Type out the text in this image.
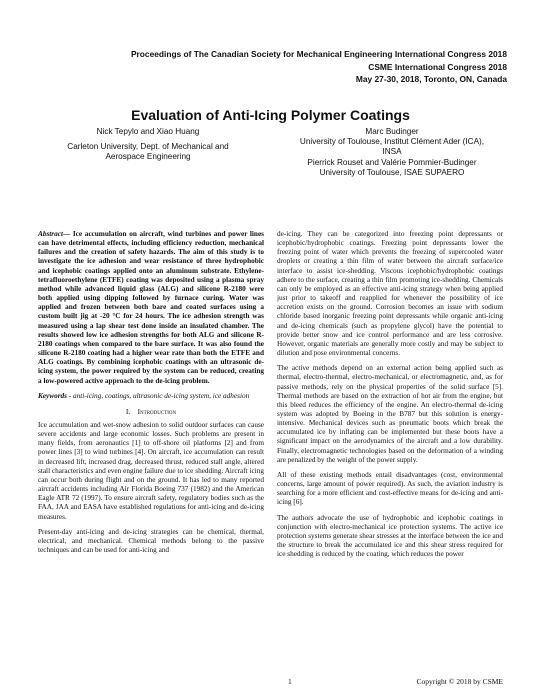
Proceedings of The Canadian Society for Mechanical Engineering International Congress 2018
CSME International Congress 2018
May 27-30, 2018, Toronto, ON, Canada
Evaluation of Anti-Icing Polymer Coatings
Nick Tepylo and Xiao Huang
Carleton University, Dept. of Mechanical and
Aerospace Engineering
Marc Budinger
University of Toulouse, Institut Clément Ader (ICA),
INSA
Pierrick Rouset and Valérie Pommier-Budinger
University of Toulouse, ISAE SUPAERO

Abstract— Ice accumulation on aircraft, wind turbines and power lines can have detrimental effects, including efficiency reduction, mechanical failures and the creation of safety hazards. The aim of this study is to investigate the ice adhesion and wear resistance of three hydrophobic and icephobic coatings applied onto an aluminum substrate. Ethylene-tetrafluoroethylene (ETFE) coating was deposited using a plasma spray method while advanced liquid glass (ALG) and silicone R-2180 were both applied using dipping followed by furnace curing. Water was applied and frozen between both bare and coated surfaces using a custom built jig at -20 °C for 24 hours. The ice adhesion strength was measured using a lap shear test done inside an insulated chamber. The results showed low ice adhesion strengths for both ALG and silicone R-2180 coatings when compared to the bare surface. It was also found the silicone R-2180 coating had a higher wear rate than both the ETFE and ALG coatings. By combining icephobic coatings with an ultrasonic de-icing system, the power required by the system can be reduced, creating a low-powered active approach to the de-icing problem.

Keywords - anti-icing, coatings, ultrasonic de-icing system, ice adhesion

I. Introduction

Ice accumulation and wet-snow adhesion to solid outdoor surfaces can cause severe accidents and large economic losses. Such problems are present in many fields, from aeronautics [1] to off-shore oil platforms [2] and from power lines [3] to wind turbines [4]. On aircraft, ice accumulation can result in decreased lift, increased drag, decreased thrust, reduced stall angle, altered stall characteristics and even engine failure due to ice shedding. Aircraft icing can occur both during flight and on the ground. It has led to many reported aircraft accidents including Air Florida Boeing 737 (1982) and the American Eagle ATR 72 (1997). To ensure aircraft safety, regulatory bodies such as the FAA, JAA and EASA have established regulations for anti-icing and de-icing measures.

Present-day anti-icing and de-icing strategies can be chemical, thermal, electrical, and mechanical. Chemical methods belong to the passive techniques and can be used for anti-icing and

de-icing. They can be categorized into freezing point depressants or icephobic/hydrophobic coatings. Freezing point depressants lower the freezing point of water which prevents the freezing of supercooled water droplets or creating a thin film of water between the aircraft surface/ice interface to assist ice-shedding. Viscous icephobic/hydrophobic coatings adhere to the surface, creating a thin film promoting ice-shedding. Chemicals can only be employed as an effective anti-icing strategy when being applied just prior to takeoff and reapplied for whenever the possibility of ice accretion exists on the ground. Corrosion becomes an issue with sodium chloride based inorganic freezing point depressants while organic anti-icing and de-icing chemicals (such as propylene glycol) have the potential to provide better snow and ice control performance and are less corrosive. However, organic materials are generally more costly and may be subject to dilution and pose environmental concerns.

The active methods depend on an external action being applied such as thermal, electro-thermal, electro-mechanical, or electromagnetic, and, as for passive methods, rely on the physical properties of the solid surface [5]. Thermal methods are based on the extraction of hot air from the engine, but this bleed reduces the efficiency of the engine. An electro-thermal de-icing system was adopted by Boeing in the B787 but this solution is energy-intensive. Mechanical devices such as pneumatic boots which break the accumulated ice by inflating can be implemented but these boots have a significant impact on the aerodynamics of the aircraft and a low durability. Finally, electromagnetic technologies based on the deformation of a winding are penalized by the weight of the power supply.

All of these existing methods entail disadvantages (cost, environmental concerns, large amount of power required). As such, the aviation industry is searching for a more efficient and cost-effective means for de-icing and anti-icing [6].

The authors advocate the use of hydrophobic and icephobic coatings in conjunction with electro-mechanical ice protection systems. The active ice protection systems generate shear stresses at the interface between the ice and the structure to break the accumulated ice and this shear stress required for ice shedding is reduced by the coating, which reduces the power

1	Copyright © 2018 by CSME
